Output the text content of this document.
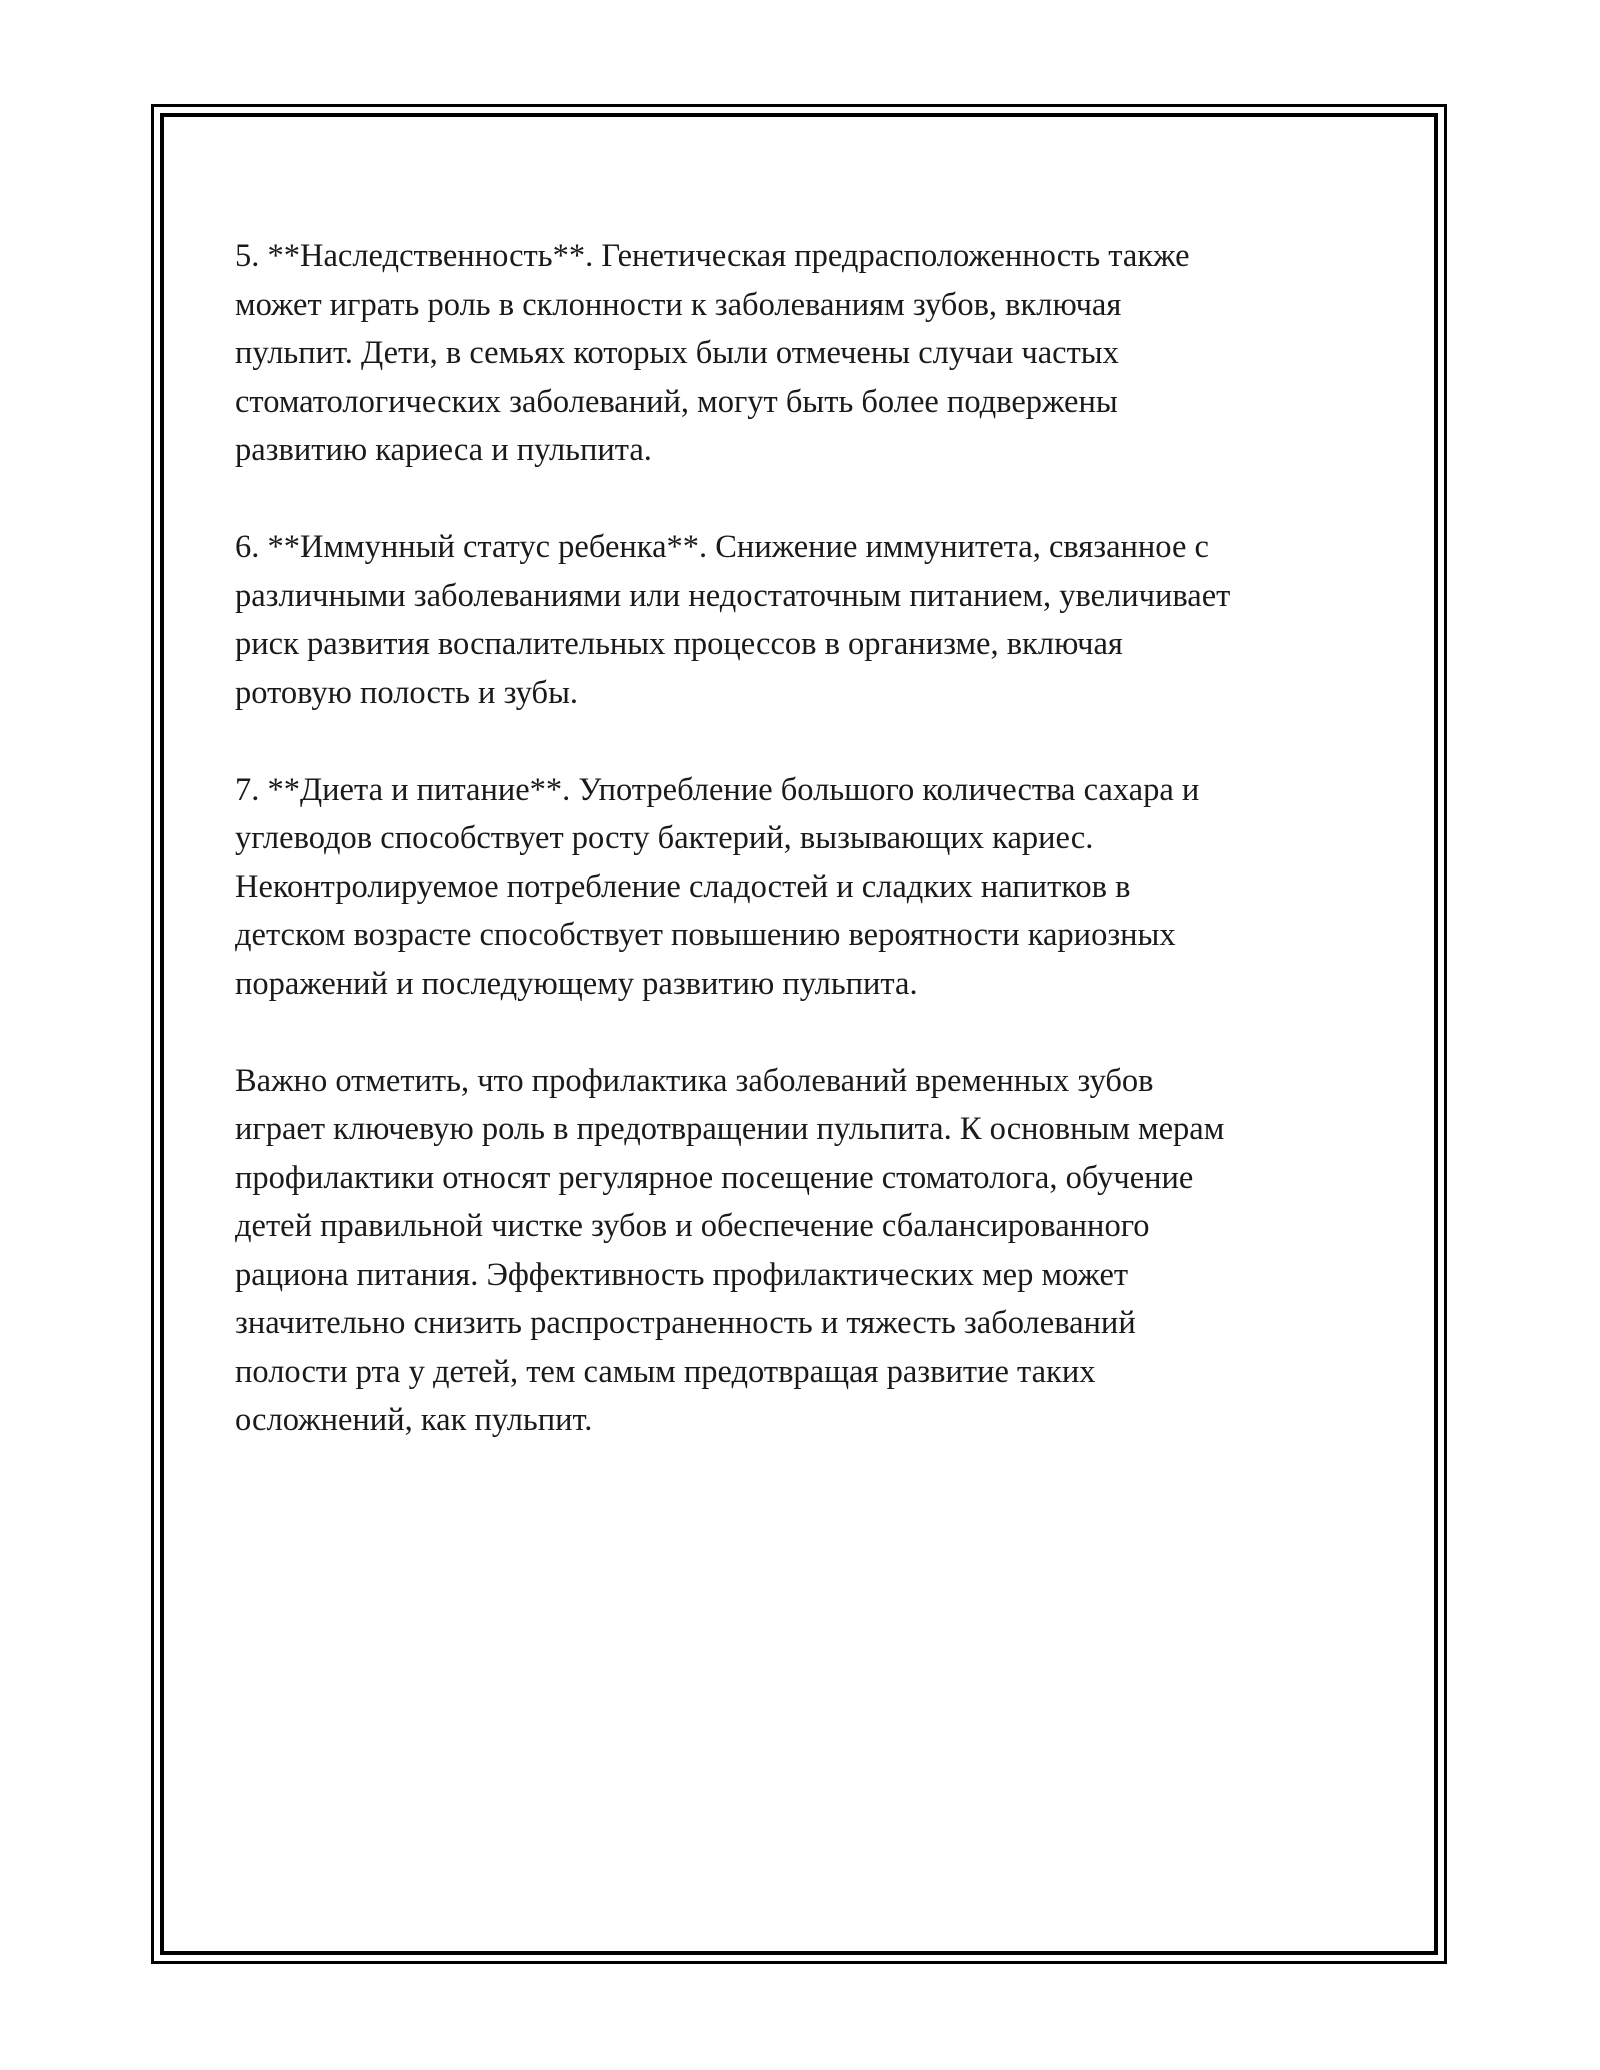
5. **Наследственность**. Генетическая предрасположенность также
может играть роль в склонности к заболеваниям зубов, включая
пульпит. Дети, в семьях которых были отмечены случаи частых
стоматологических заболеваний, могут быть более подвержены
развитию кариеса и пульпита.

6. **Иммунный статус ребенка**. Снижение иммунитета, связанное с
различными заболеваниями или недостаточным питанием, увеличивает
риск развития воспалительных процессов в организме, включая
ротовую полость и зубы.

7. **Диета и питание**. Употребление большого количества сахара и
углеводов способствует росту бактерий, вызывающих кариес.
Неконтролируемое потребление сладостей и сладких напитков в
детском возрасте способствует повышению вероятности кариозных
поражений и последующему развитию пульпита.

Важно отметить, что профилактика заболеваний временных зубов
играет ключевую роль в предотвращении пульпита. К основным мерам
профилактики относят регулярное посещение стоматолога, обучение
детей правильной чистке зубов и обеспечение сбалансированного
рациона питания. Эффективность профилактических мер может
значительно снизить распространенность и тяжесть заболеваний
полости рта у детей, тем самым предотвращая развитие таких
осложнений, как пульпит.
